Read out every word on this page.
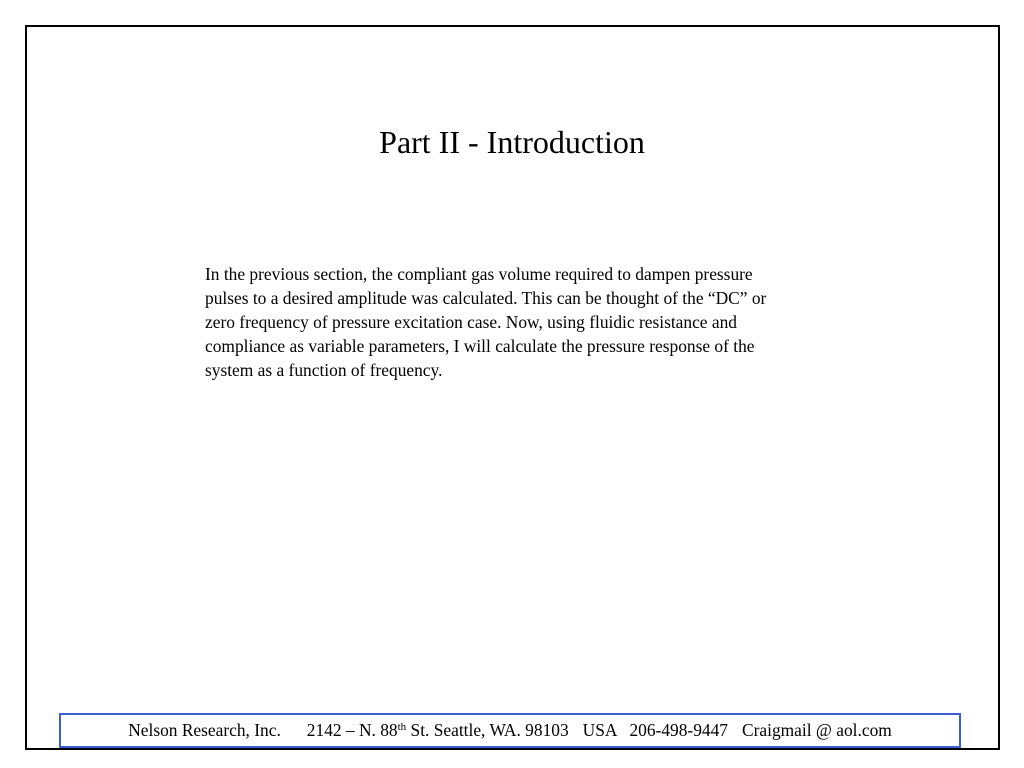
Part II - Introduction
In the previous section, the compliant gas volume required to dampen pressure
pulses to a desired amplitude was calculated. This can be thought of the “DC” or
zero frequency of pressure excitation case. Now, using fluidic resistance and
compliance as variable parameters, I will calculate the pressure response of the
system as a function of frequency.
Nelson Research, Inc. 2142 – N. 88th St. Seattle, WA. 98103 USA 206-498-9447 Craigmail @ aol.com
